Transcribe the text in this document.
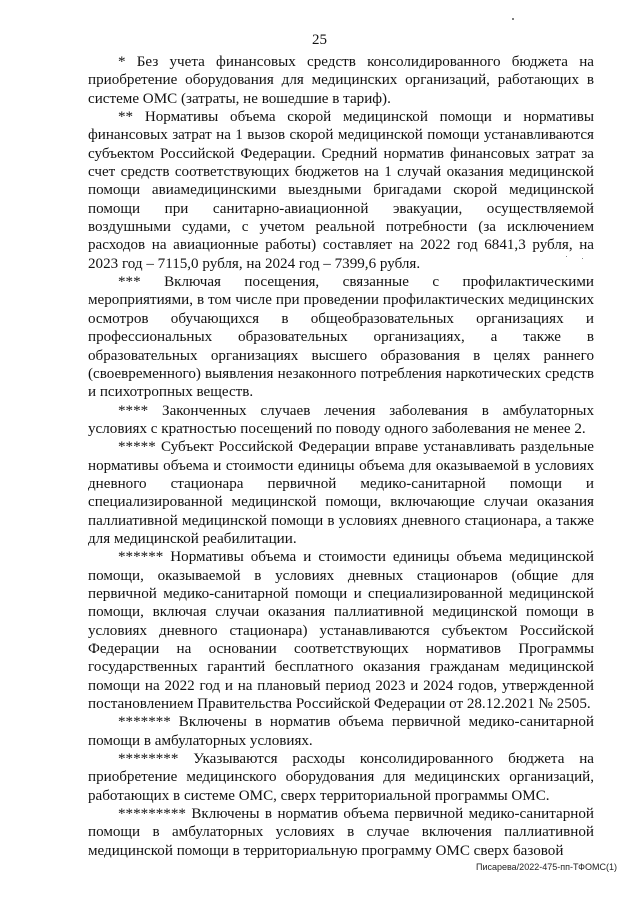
25

* Без учета финансовых средств консолидированного бюджета на приобретение оборудования для медицинских организаций, работающих в системе ОМС (затраты, не вошедшие в тариф).

** Нормативы объема скорой медицинской помощи и нормативы финансовых затрат на 1 вызов скорой медицинской помощи устанавливаются субъектом Российской Федерации. Средний норматив финансовых затрат за счет средств соответствующих бюджетов на 1 случай оказания медицинской помощи авиамедицинскими выездными бригадами скорой медицинской помощи при санитарно-авиационной эвакуации, осуществляемой воздушными судами, с учетом реальной потребности (за исключением расходов на авиационные работы) составляет на 2022 год 6841,3 рубля, на 2023 год – 7115,0 рубля, на 2024 год – 7399,6 рубля.

*** Включая посещения, связанные с профилактическими мероприятиями, в том числе при проведении профилактических медицинских осмотров обучающихся в общеобразовательных организациях и профессиональных образовательных организациях, а также в образовательных организациях высшего образования в целях раннего (своевременного) выявления незаконного потребления наркотических средств и психотропных веществ.

**** Законченных случаев лечения заболевания в амбулаторных условиях с кратностью посещений по поводу одного заболевания не менее 2.

***** Субъект Российской Федерации вправе устанавливать раздельные нормативы объема и стоимости единицы объема для оказываемой в условиях дневного стационара первичной медико-санитарной помощи и специализированной медицинской помощи, включающие случаи оказания паллиативной медицинской помощи в условиях дневного стационара, а также для медицинской реабилитации.

****** Нормативы объема и стоимости единицы объема медицинской помощи, оказываемой в условиях дневных стационаров (общие для первичной медико-санитарной помощи и специализированной медицинской помощи, включая случаи оказания паллиативной медицинской помощи в условиях дневного стационара) устанавливаются субъектом Российской Федерации на основании соответствующих нормативов Программы государственных гарантий бесплатного оказания гражданам медицинской помощи на 2022 год и на плановый период 2023 и 2024 годов, утвержденной постановлением Правительства Российской Федерации от 28.12.2021 № 2505.

******* Включены в норматив объема первичной медико-санитарной помощи в амбулаторных условиях.

******** Указываются расходы консолидированного бюджета на приобретение медицинского оборудования для медицинских организаций, работающих в системе ОМС, сверх территориальной программы ОМС.

********* Включены в норматив объема первичной медико-санитарной помощи в амбулаторных условиях в случае включения паллиативной медицинской помощи в территориальную программу ОМС сверх базовой

Писарева/2022-475-пп-ТФОМС(1)
